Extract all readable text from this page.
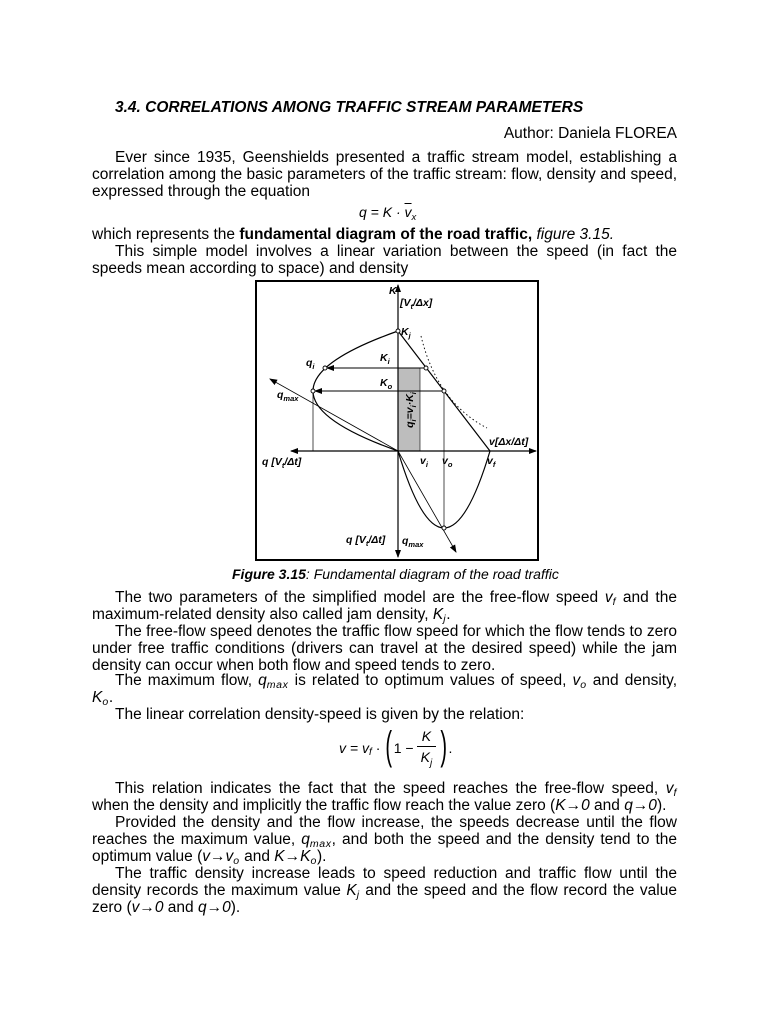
3.4. CORRELATIONS AMONG TRAFFIC STREAM PARAMETERS
Author: Daniela FLOREA
Ever since 1935, Geenshields presented a traffic stream model, establishing a correlation among the basic parameters of the traffic stream: flow, density and speed, expressed through the equation
$q = K \cdot \overline{v}_x$
which represents the fundamental diagram of the road traffic, figure 3.15.
This simple model involves a linear variation between the speed (in fact the speeds mean according to space) and density
K
$[V_t/\Delta x]$
$K_j$
$K_i$
$q_i$
$K_o$
$q_{max}$
v[Δx/Δt]
q $[V_t/\Delta t]$	$v_i$ $v_o$	$v_f$
q $[V_t/\Delta t]$ $q_{max}$
$q_i=v_i\cdot K_i$
Figure 3.15: Fundamental diagram of the road traffic
The two parameters of the simplified model are the free-flow speed $v_f$ and the maximum-related density also called jam density, $K_j$.
The free-flow speed denotes the traffic flow speed for which the flow tends to zero under free traffic conditions (drivers can travel at the desired speed) while the jam density can occur when both flow and speed tends to zero.
The maximum flow, $q_{max}$ is related to optimum values of speed, $v_o$ and density, $K_o$.
The linear correlation density-speed is given by the relation:
v = v f · ( $1 - \frac{K}{K_j}$ ) .
This relation indicates the fact that the speed reaches the free-flow speed, $v_f$ when the density and implicitly the traffic flow reach the value zero (K→0 and q→0).
Provided the density and the flow increase, the speeds decrease until the flow reaches the maximum value, $q_{max}$, and both the speed and the density tend to the optimum value ($v\to v_o$ and $K\to K_o$).
The traffic density increase leads to speed reduction and traffic flow until the density records the maximum value $K_j$ and the speed and the flow record the value zero (v→0 and q→0).
